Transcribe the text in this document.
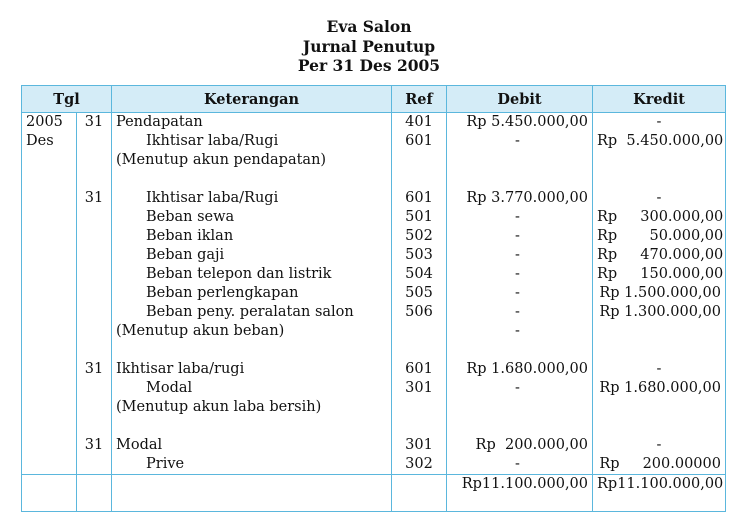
Eva Salon
Jurnal Penutup
Per 31 Des 2005
Tgl		Keterangan	Ref	Debit	Kredit
2005	31	Pendapatan	401	Rp 5.450.000,00	-
Des		Ikhtisar laba/Rugi	601	-	Rp  5.450.000,00
		(Menutup akun pendapatan)			

	31	Ikhtisar laba/Rugi	601	Rp 3.770.000,00	-
		Beban sewa	501	-	Rp     300.000,00
		Beban iklan	502	-	Rp       50.000,00
		Beban gaji	503	-	Rp     470.000,00
		Beban telepon dan listrik	504	-	Rp     150.000,00
		Beban perlengkapan	505	-	Rp 1.500.000,00
		Beban peny. peralatan salon	506	-	Rp 1.300.000,00
		(Menutup akun beban)		-	

	31	Ikhtisar laba/rugi	601	Rp 1.680.000,00	-
		Modal	301	-	Rp 1.680.000,00
		(Menutup akun laba bersih)			

	31	Modal	301	Rp  200.000,00	-
		Prive	302	-	Rp     200.00000
				Rp11.100.000,00	Rp11.100.000,00
